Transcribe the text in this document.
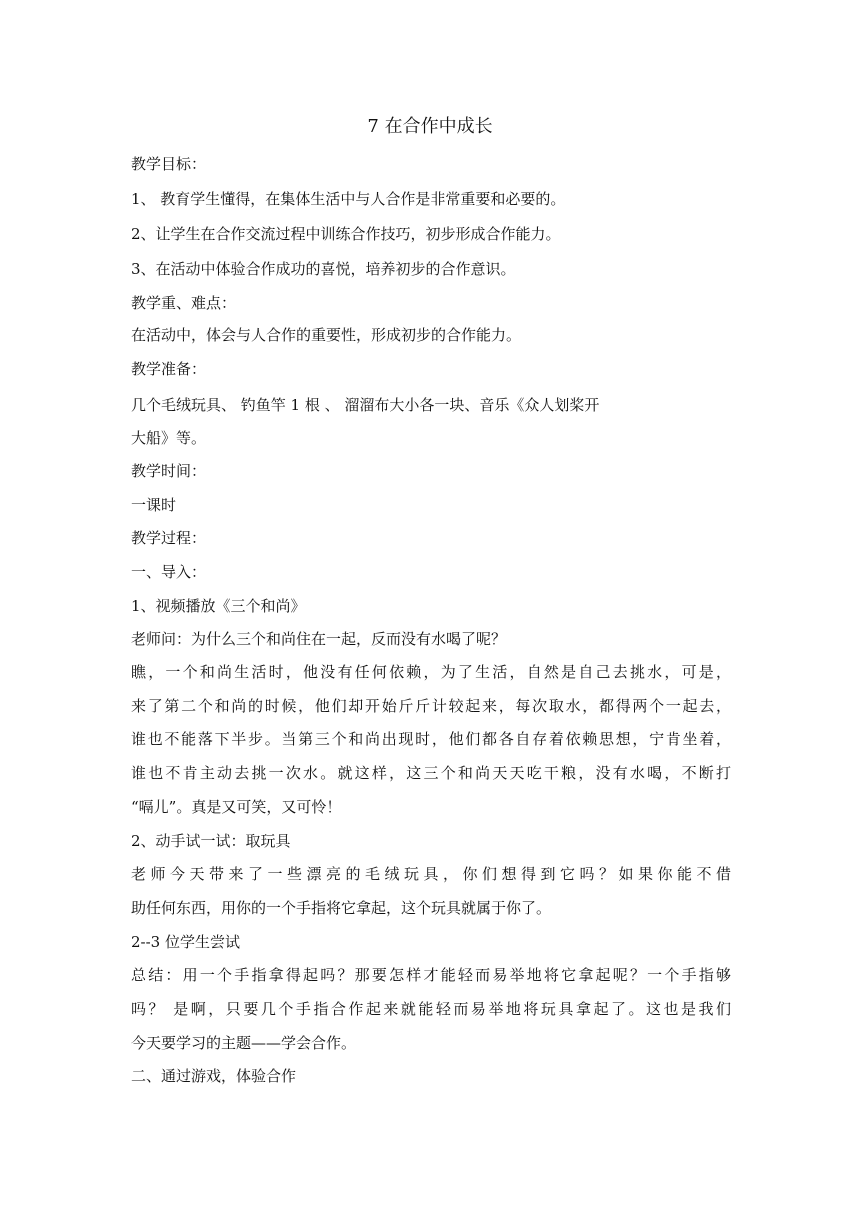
7 在合作中成长
教学目标：
1、 教育学生懂得，在集体生活中与人合作是非常重要和必要的。
2、让学生在合作交流过程中训练合作技巧，初步形成合作能力。
3、在活动中体验合作成功的喜悦，培养初步的合作意识。
教学重、难点：
在活动中，体会与人合作的重要性，形成初步的合作能力。
教学准备：
几个毛绒玩具、 钓鱼竿 1 根 、 溜溜布大小各一块、音乐《众人划桨开
大船》等。
教学时间：
一课时
教学过程：
一、导入：
1、视频播放《三个和尚》
老师问：为什么三个和尚住在一起，反而没有水喝了呢？
瞧，一个和尚生活时，他没有任何依赖，为了生活，自然是自己去挑水，可是，
来了第二个和尚的时候，他们却开始斤斤计较起来，每次取水，都得两个一起去，
谁也不能落下半步。当第三个和尚出现时，他们都各自存着依赖思想，宁肯坐着，
谁也不肯主动去挑一次水。就这样，这三个和尚天天吃干粮，没有水喝，不断打
“嗝儿”。真是又可笑，又可怜！
2、动手试一试：取玩具
老师今天带来了一些漂亮的毛绒玩具，你们想得到它吗？如果你能不借
助任何东西，用你的一个手指将它拿起，这个玩具就属于你了。
2--3 位学生尝试
总结：用一个手指拿得起吗？那要怎样才能轻而易举地将它拿起呢？一个手指够
吗？ 是啊，只要几个手指合作起来就能轻而易举地将玩具拿起了。这也是我们
今天要学习的主题——学会合作。
二、通过游戏，体验合作
